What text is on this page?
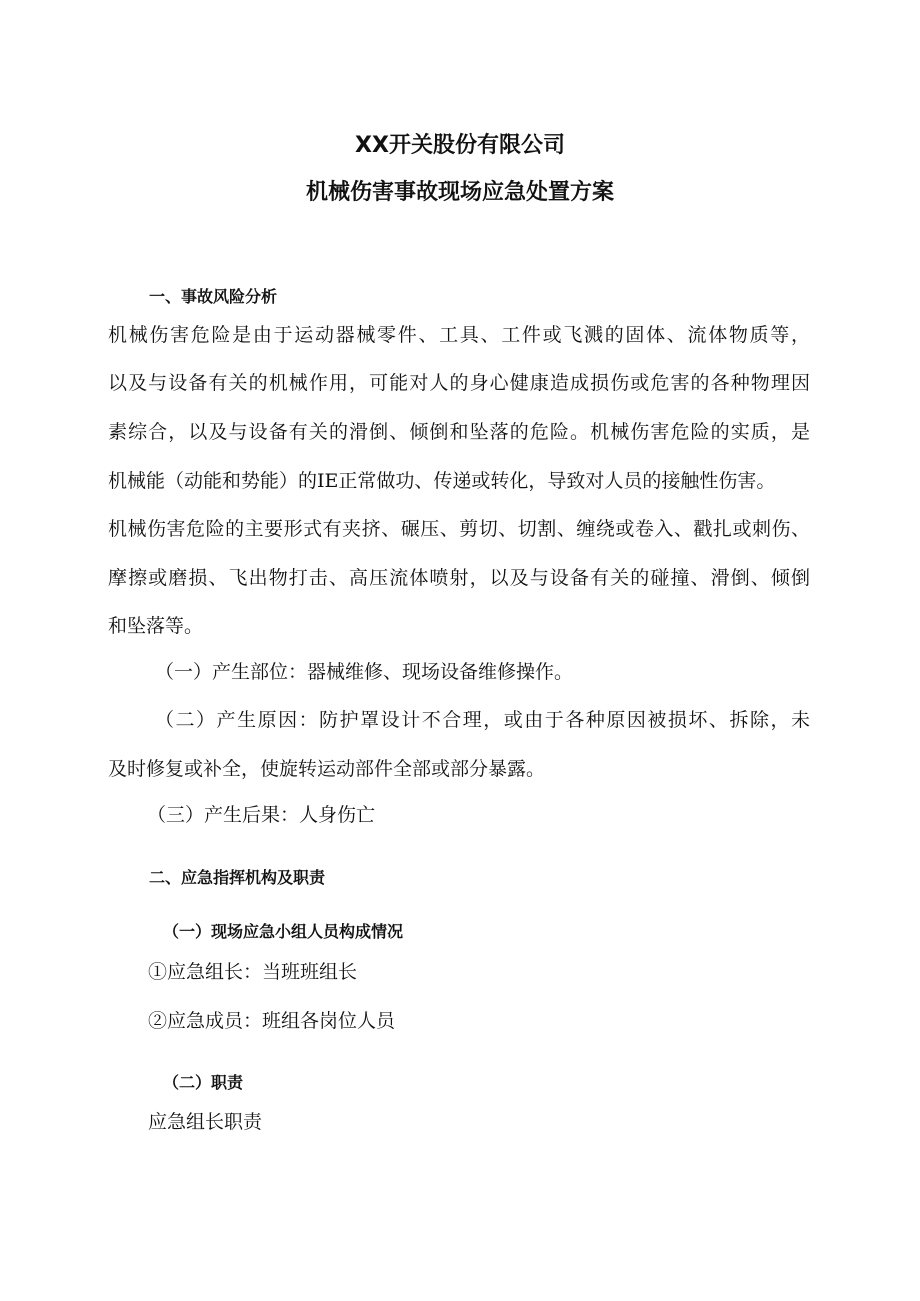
XX开关股份有限公司
机械伤害事故现场应急处置方案
一、事故风险分析
机械伤害危险是由于运动器械零件、工具、工件或飞溅的固体、流体物质等，
以及与设备有关的机械作用，可能对人的身心健康造成损伤或危害的各种物理因
素综合，以及与设备有关的滑倒、倾倒和坠落的危险。机械伤害危险的实质，是
机械能（动能和势能）的IE正常做功、传递或转化，导致对人员的接触性伤害。
机械伤害危险的主要形式有夹挤、碾压、剪切、切割、缠绕或卷入、戳扎或刺伤、
摩擦或磨损、飞出物打击、高压流体喷射，以及与设备有关的碰撞、滑倒、倾倒
和坠落等。
（一）产生部位：器械维修、现场设备维修操作。
（二）产生原因：防护罩设计不合理，或由于各种原因被损坏、拆除，未
及时修复或补全，使旋转运动部件全部或部分暴露。
（三）产生后果：人身伤亡
二、应急指挥机构及职责
（一）现场应急小组人员构成情况
①应急组长：当班班组长
②应急成员：班组各岗位人员
（二）职责
应急组长职责
